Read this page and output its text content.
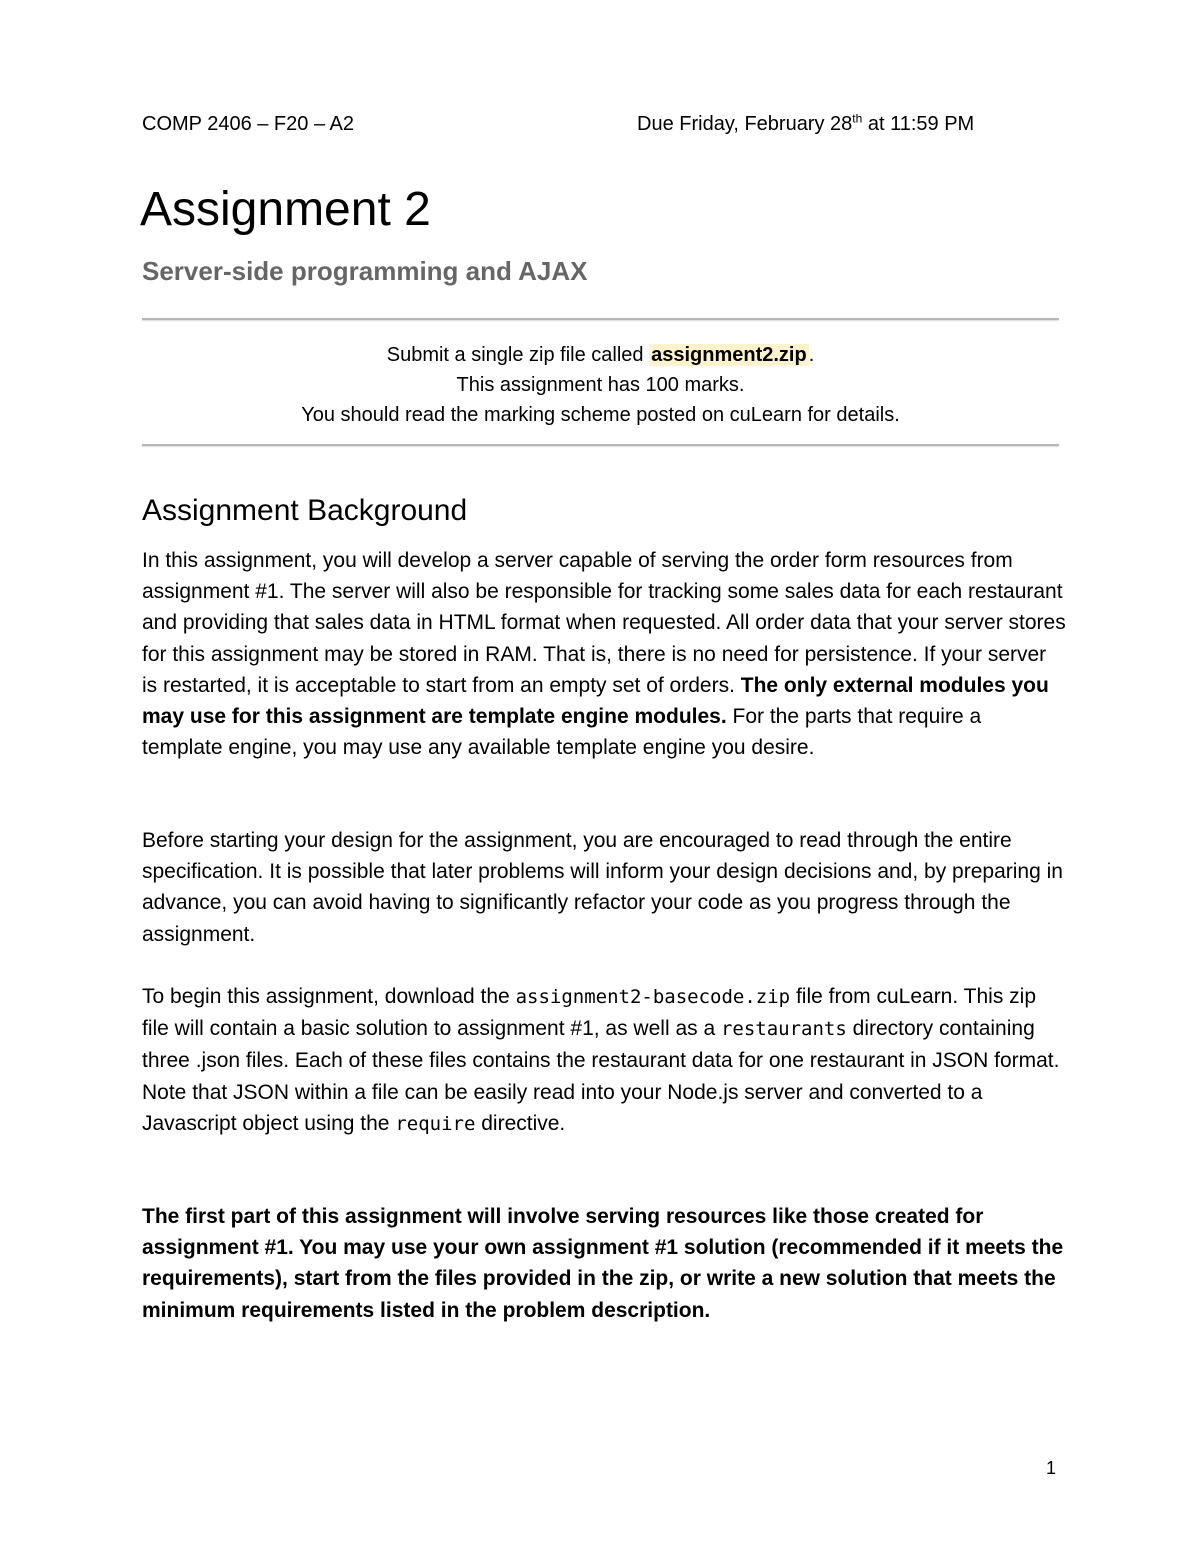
COMP 2406 – F20 – A2	Due Friday, February 28th at 11:59 PM
Assignment 2
Server-side programming and AJAX
Submit a single zip file called assignment2.zip .
This assignment has 100 marks.
You should read the marking scheme posted on cuLearn for details.
Assignment Background

In this assignment, you will develop a server capable of serving the order form resources from assignment #1. The server will also be responsible for tracking some sales data for each restaurant and providing that sales data in HTML format when requested. All order data that your server stores for this assignment may be stored in RAM. That is, there is no need for persistence. If your server is restarted, it is acceptable to start from an empty set of orders. The only external modules you may use for this assignment are template engine modules. For the parts that require a template engine, you may use any available template engine you desire.

Before starting your design for the assignment, you are encouraged to read through the entire specification. It is possible that later problems will inform your design decisions and, by preparing in advance, you can avoid having to significantly refactor your code as you progress through the assignment.

To begin this assignment, download the assignment2-basecode.zip file from cuLearn. This zip file will contain a basic solution to assignment #1, as well as a restaurants directory containing three .json files. Each of these files contains the restaurant data for one restaurant in JSON format. Note that JSON within a file can be easily read into your Node.js server and converted to a Javascript object using the require directive.

The first part of this assignment will involve serving resources like those created for assignment #1. You may use your own assignment #1 solution (recommended if it meets the requirements), start from the files provided in the zip, or write a new solution that meets the minimum requirements listed in the problem description.

1
